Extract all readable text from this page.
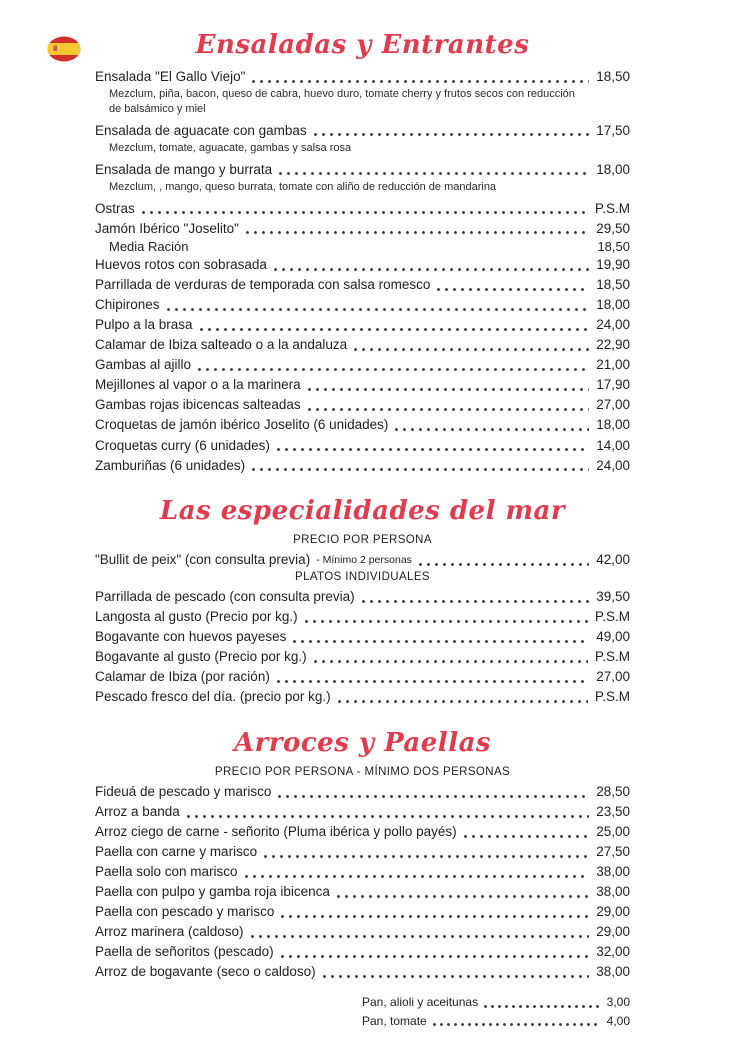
Ensaladas y Entrantes
Ensalada "El Gallo Viejo"	18,50
Mezclum, piña, bacon, queso de cabra, huevo duro, tomate cherry y frutos secos con reducción de balsámico y miel
Ensalada de aguacate con gambas	17,50
Mezclum, tomate, aguacate, gambas y salsa rosa
Ensalada de mango y burrata	18,00
Mezclum, , mango, queso burrata, tomate con aliño de reducción de mandarina
Ostras	P.S.M
Jamón Ibérico "Joselito"	29,50
Media Ración	18,50
Huevos rotos con sobrasada	19,90
Parrillada de verduras de temporada con salsa romesco	18,50
Chipirones	18,00
Pulpo a la brasa	24,00
Calamar de Ibiza salteado o a la andaluza	22,90
Gambas al ajillo	21,00
Mejillones al vapor o a la marinera	17,90
Gambas rojas ibicencas salteadas	27,00
Croquetas de jamón ibérico Joselito (6 unidades)	18,00
Croquetas curry (6 unidades)	14,00
Zamburiñas (6 unidades)	24,00
Las especialidades del mar
PRECIO POR PERSONA
"Bullit de peix" (con consulta previa) - Mínimo 2 personas	42,00
PLATOS INDIVIDUALES
Parrillada de pescado (con consulta previa)	39,50
Langosta al gusto (Precio por kg.)	P.S.M
Bogavante con huevos payeses	49,00
Bogavante al gusto (Precio por kg.)	P.S.M
Calamar de Ibiza (por ración)	27,00
Pescado fresco del día. (precio por kg.)	P.S.M
Arroces y Paellas
PRECIO POR PERSONA - MÍNIMO DOS PERSONAS
Fideuá de pescado y marisco	28,50
Arroz a banda	23,50
Arroz ciego de carne - señorito (Pluma ibérica y pollo payés)	25,00
Paella con carne y marisco	27,50
Paella solo con marisco	38,00
Paella con pulpo y gamba roja ibicenca	38,00
Paella con pescado y marisco	29,00
Arroz marinera (caldoso)	29,00
Paella de señoritos (pescado)	32,00
Arroz de bogavante (seco o caldoso)	38,00
Pan, alioli y aceitunas	3,00
Pan, tomate	4,00
